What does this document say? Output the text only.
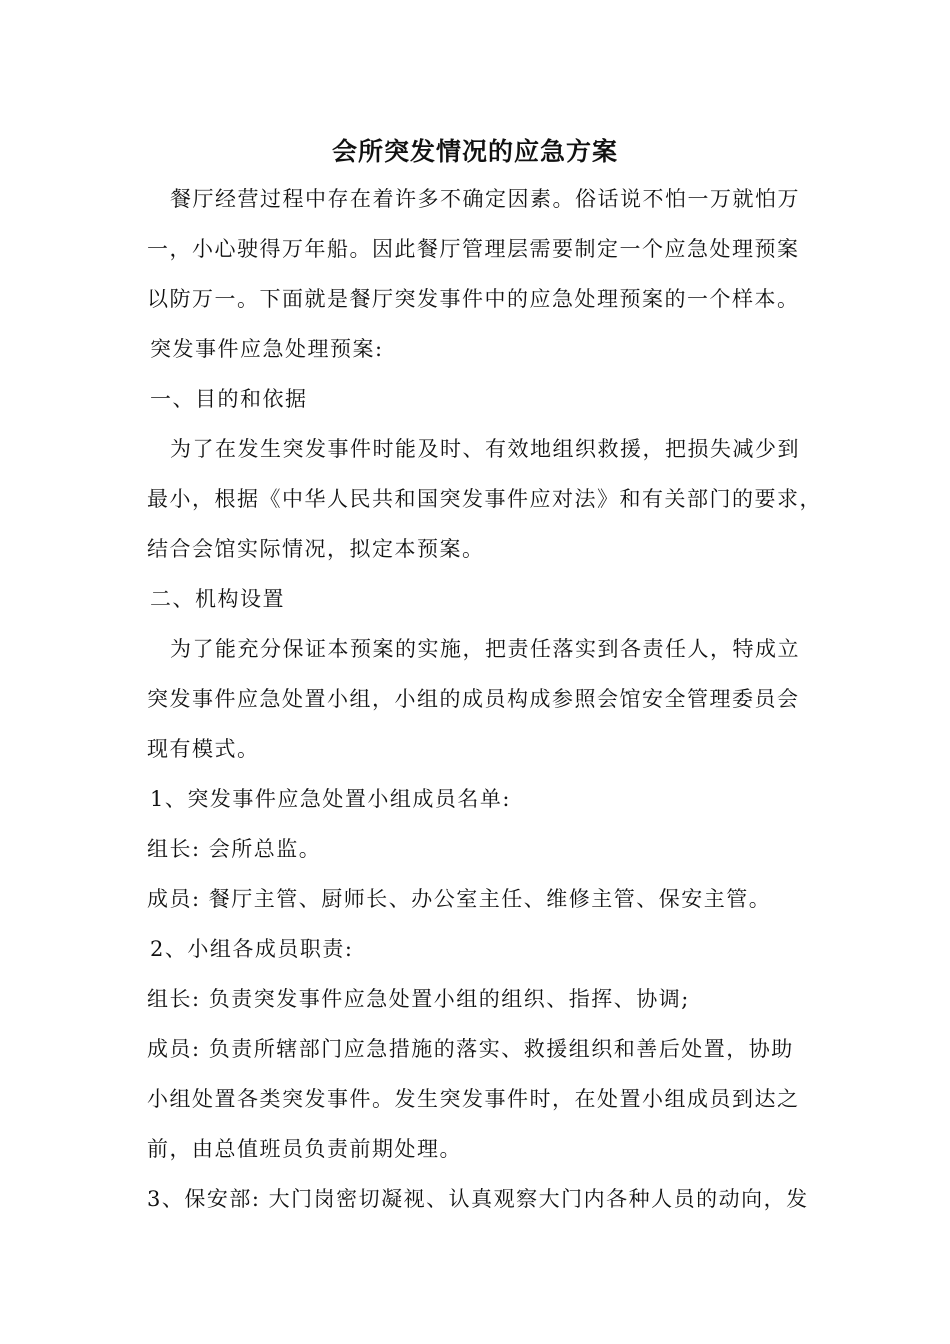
会所突发情况的应急方案
餐厅经营过程中存在着许多不确定因素。俗话说不怕一万就怕万
一，小心驶得万年船。因此餐厅管理层需要制定一个应急处理预案
以防万一。下面就是餐厅突发事件中的应急处理预案的一个样本。
突发事件应急处理预案:
一、目的和依据
为了在发生突发事件时能及时、有效地组织救援，把损失减少到
最小，根据《中华人民共和国突发事件应对法》和有关部门的要求，
结合会馆实际情况，拟定本预案。
二、机构设置
为了能充分保证本预案的实施，把责任落实到各责任人，特成立
突发事件应急处置小组，小组的成员构成参照会馆安全管理委员会
现有模式。
1、突发事件应急处置小组成员名单:
组长: 会所总监。
成员: 餐厅主管、厨师长、办公室主任、维修主管、保安主管。
2、小组各成员职责:
组长: 负责突发事件应急处置小组的组织、指挥、协调;
成员: 负责所辖部门应急措施的落实、救援组织和善后处置，协助
小组处置各类突发事件。发生突发事件时，在处置小组成员到达之
前，由总值班员负责前期处理。
3、保安部: 大门岗密切凝视、认真观察大门内各种人员的动向，发
